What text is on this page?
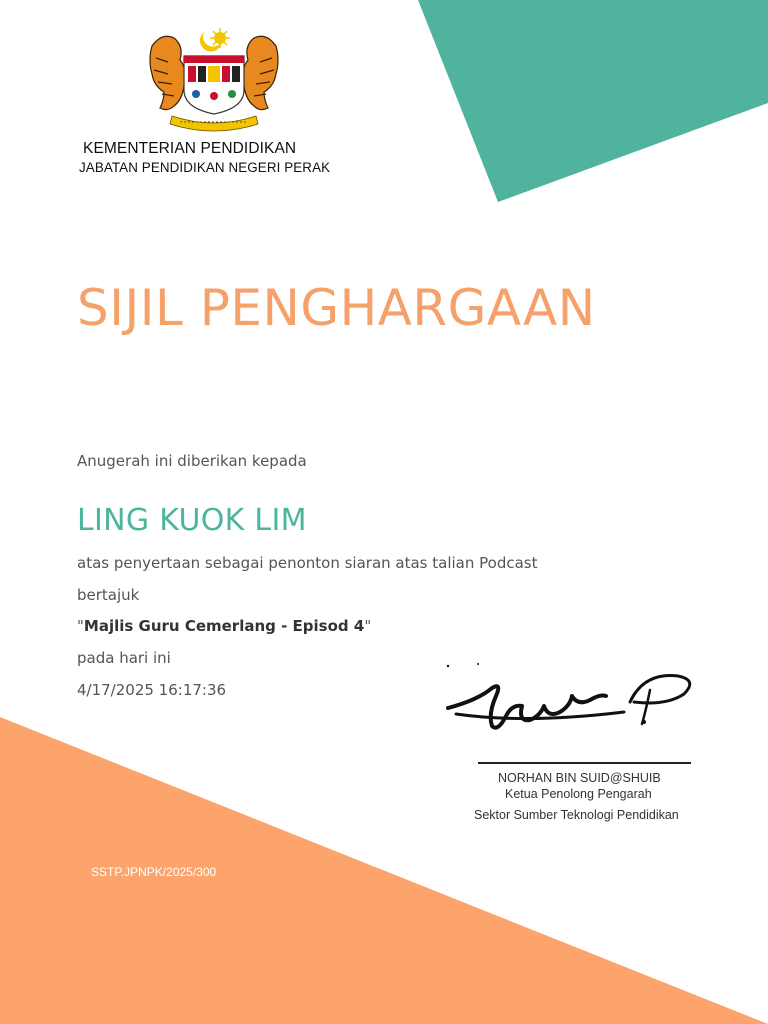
KEMENTERIAN PENDIDIKAN
JABATAN PENDIDIKAN NEGERI PERAK
SIJIL PENGHARGAAN
Anugerah ini diberikan kepada
LING KUOK LIM
atas penyertaan sebagai penonton siaran atas talian Podcast
bertajuk
"Majlis Guru Cemerlang - Episod 4"
pada hari ini
4/17/2025 16:17:36
NORHAN BIN SUID@SHUIB
Ketua Penolong Pengarah
Sektor Sumber Teknologi Pendidikan
SSTP.JPNPK/2025/300
